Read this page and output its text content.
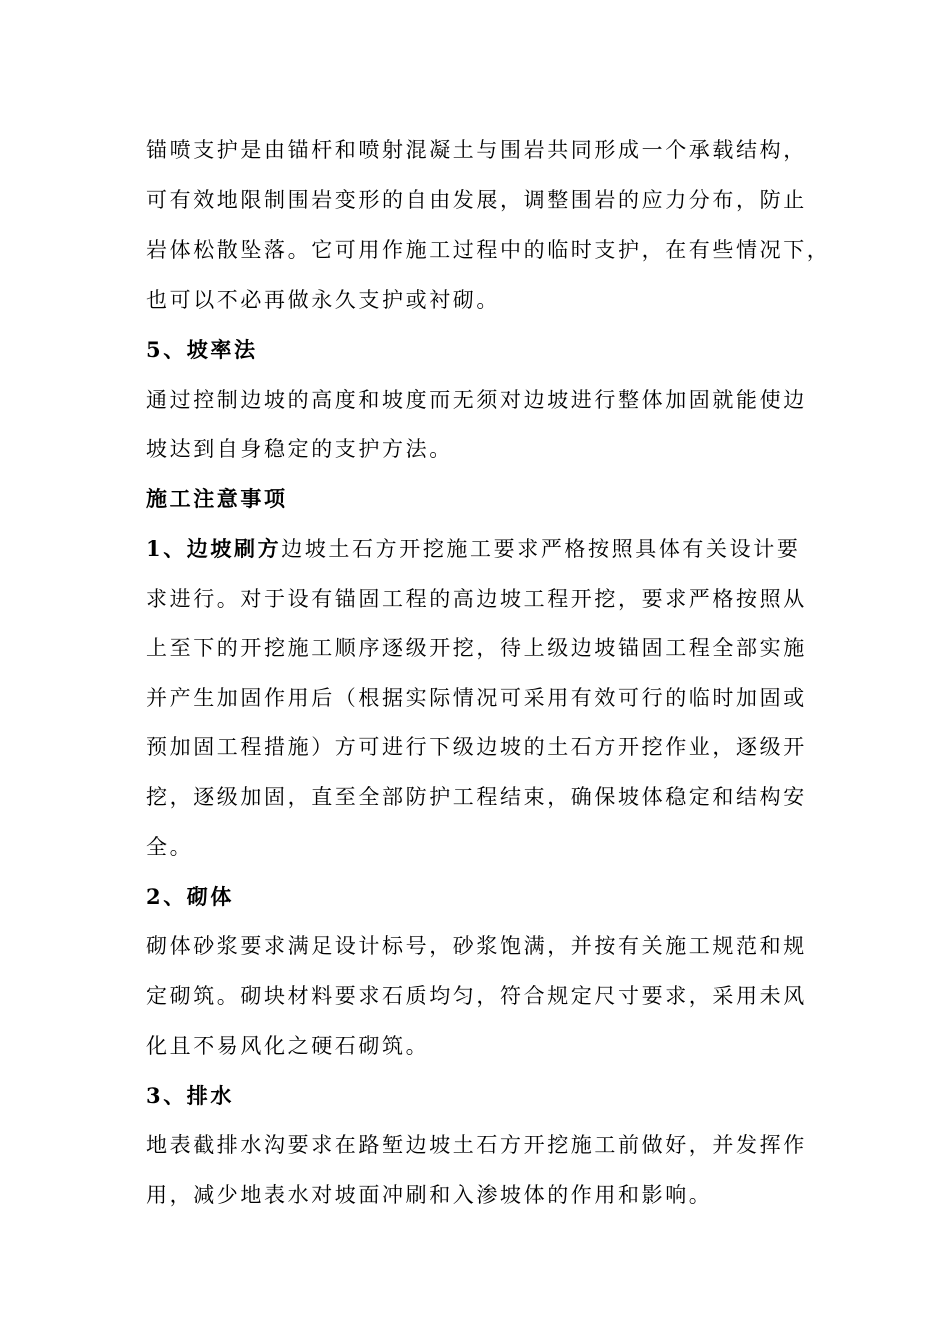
锚喷支护是由锚杆和喷射混凝土与围岩共同形成一个承载结构，
可有效地限制围岩变形的自由发展，调整围岩的应力分布，防止
岩体松散坠落。它可用作施工过程中的临时支护，在有些情况下，
也可以不必再做永久支护或衬砌。
5、坡率法
通过控制边坡的高度和坡度而无须对边坡进行整体加固就能使边
坡达到自身稳定的支护方法。
施工注意事项
1、边坡刷方边坡土石方开挖施工要求严格按照具体有关设计要
求进行。对于设有锚固工程的高边坡工程开挖，要求严格按照从
上至下的开挖施工顺序逐级开挖，待上级边坡锚固工程全部实施
并产生加固作用后（根据实际情况可采用有效可行的临时加固或
预加固工程措施）方可进行下级边坡的土石方开挖作业，逐级开
挖，逐级加固，直至全部防护工程结束，确保坡体稳定和结构安
全。
2、砌体
砌体砂浆要求满足设计标号，砂浆饱满，并按有关施工规范和规
定砌筑。砌块材料要求石质均匀，符合规定尺寸要求，采用未风
化且不易风化之硬石砌筑。
3、排水
地表截排水沟要求在路堑边坡土石方开挖施工前做好，并发挥作
用，减少地表水对坡面冲刷和入渗坡体的作用和影响。
